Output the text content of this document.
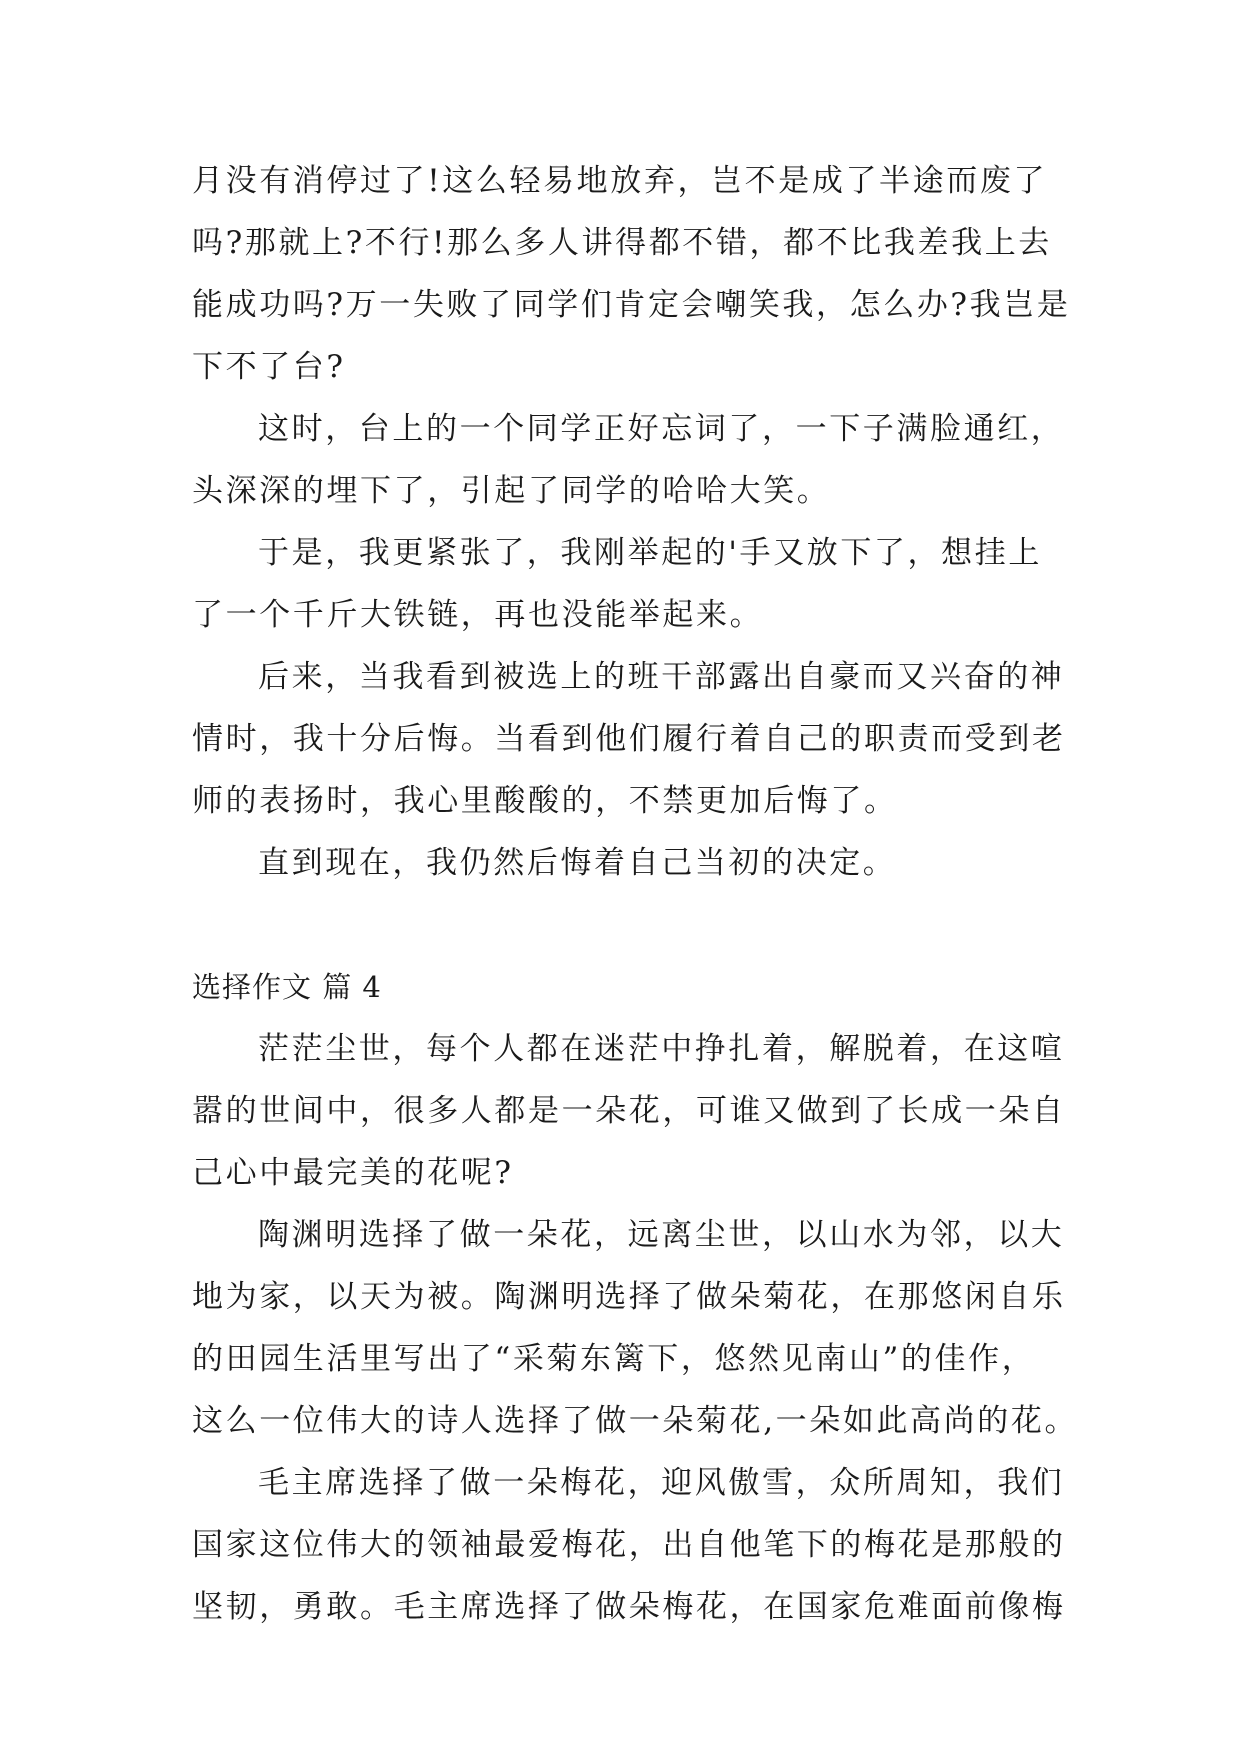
月没有消停过了!这么轻易地放弃，岂不是成了半途而废了
吗?那就上?不行!那么多人讲得都不错，都不比我差我上去
能成功吗?万一失败了同学们肯定会嘲笑我，怎么办?我岂是
下不了台?
这时，台上的一个同学正好忘词了，一下子满脸通红，
头深深的埋下了，引起了同学的哈哈大笑。
于是，我更紧张了，我刚举起的'手又放下了，想挂上
了一个千斤大铁链，再也没能举起来。
后来，当我看到被选上的班干部露出自豪而又兴奋的神
情时，我十分后悔。当看到他们履行着自己的职责而受到老
师的表扬时，我心里酸酸的，不禁更加后悔了。
直到现在，我仍然后悔着自己当初的决定。
选择作文 篇 4
茫茫尘世，每个人都在迷茫中挣扎着，解脱着，在这喧
嚣的世间中，很多人都是一朵花，可谁又做到了长成一朵自
己心中最完美的花呢?
陶渊明选择了做一朵花，远离尘世，以山水为邻，以大
地为家，以天为被。陶渊明选择了做朵菊花，在那悠闲自乐
的田园生活里写出了“采菊东篱下，悠然见南山”的佳作，
这么一位伟大的诗人选择了做一朵菊花,一朵如此高尚的花。
毛主席选择了做一朵梅花，迎风傲雪，众所周知，我们
国家这位伟大的领袖最爱梅花，出自他笔下的梅花是那般的
坚韧，勇敢。毛主席选择了做朵梅花，在国家危难面前像梅
